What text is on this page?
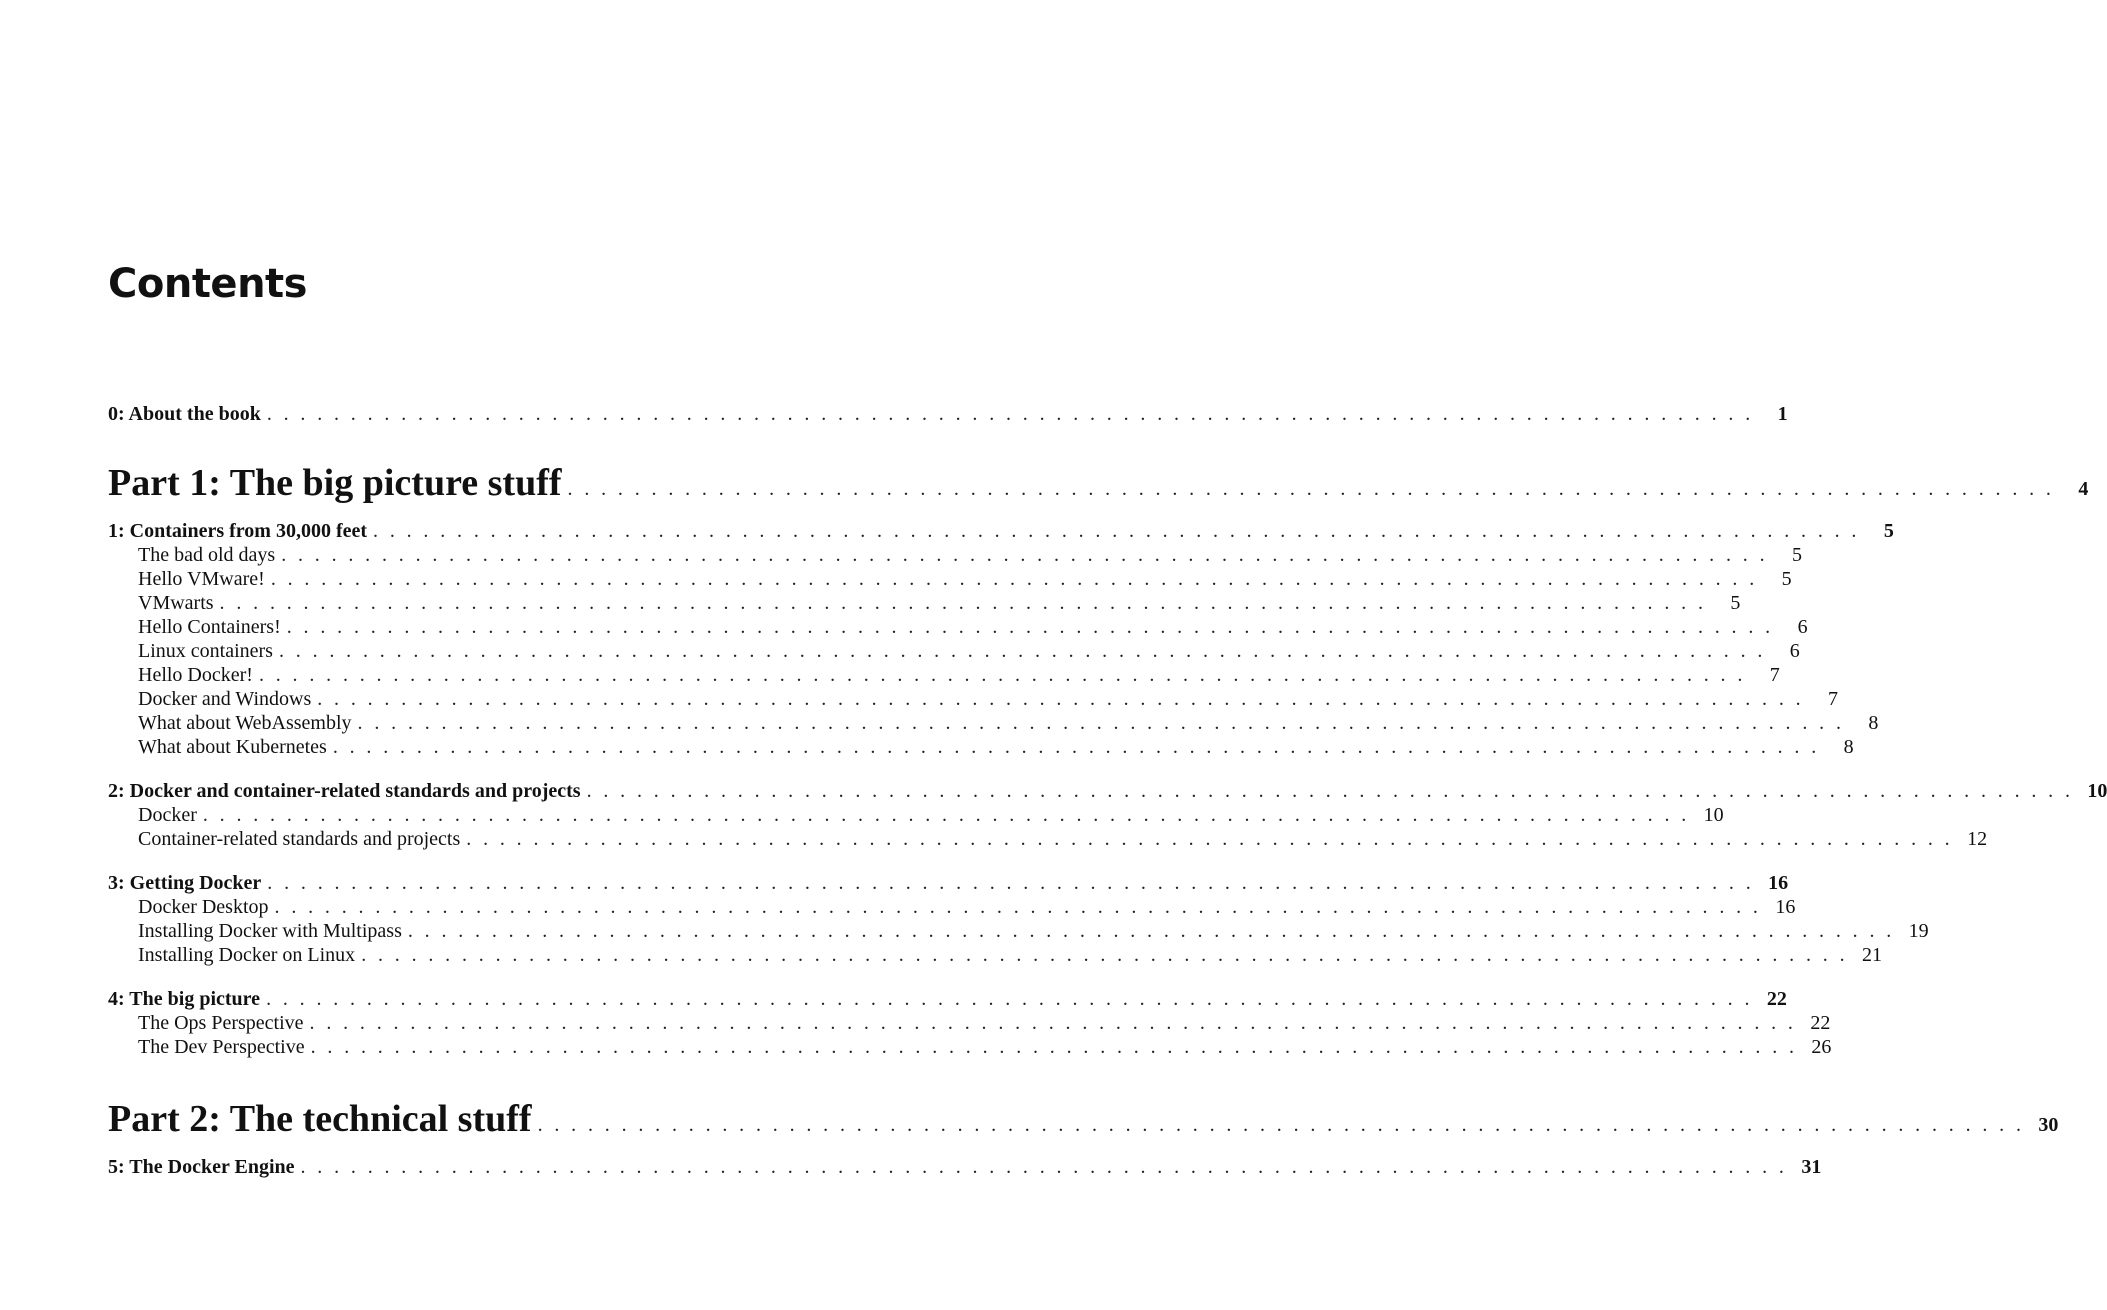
Contents
0: About the book . . . . . . . . . . . . . . . . . . . . . . . . . . . . . . . . . . . . . . . . . . . . . . . . . . . . . . . . . . . . . . . . . . . . . . . . . . . . . . . . . . . . . . . . .	1
Part 1: The big picture stuff . . . . . . . . . . . . . . . . . . . . . . . . . . . . . . . . . . . . . . . . . . . . . . . . . . . . . . . . . . . . . . . . . . . . . . . . . . . . . . . . . . . . . . . . .	4
1: Containers from 30,000 feet . . . . . . . . . . . . . . . . . . . . . . . . . . . . . . . . . . . . . . . . . . . . . . . . . . . . . . . . . . . . . . . . . . . . . . . . . . . . . . . . . . . . . . . . .	5
The bad old days . . . . . . . . . . . . . . . . . . . . . . . . . . . . . . . . . . . . . . . . . . . . . . . . . . . . . . . . . . . . . . . . . . . . . . . . . . . . . . . . . . . . . . . . .	5
Hello VMware! . . . . . . . . . . . . . . . . . . . . . . . . . . . . . . . . . . . . . . . . . . . . . . . . . . . . . . . . . . . . . . . . . . . . . . . . . . . . . . . . . . . . . . . . .	5
VMwarts . . . . . . . . . . . . . . . . . . . . . . . . . . . . . . . . . . . . . . . . . . . . . . . . . . . . . . . . . . . . . . . . . . . . . . . . . . . . . . . . . . . . . . . . .	5
Hello Containers! . . . . . . . . . . . . . . . . . . . . . . . . . . . . . . . . . . . . . . . . . . . . . . . . . . . . . . . . . . . . . . . . . . . . . . . . . . . . . . . . . . . . . . . . .	6
Linux containers . . . . . . . . . . . . . . . . . . . . . . . . . . . . . . . . . . . . . . . . . . . . . . . . . . . . . . . . . . . . . . . . . . . . . . . . . . . . . . . . . . . . . . . . .	6
Hello Docker! . . . . . . . . . . . . . . . . . . . . . . . . . . . . . . . . . . . . . . . . . . . . . . . . . . . . . . . . . . . . . . . . . . . . . . . . . . . . . . . . . . . . . . . . .	7
Docker and Windows . . . . . . . . . . . . . . . . . . . . . . . . . . . . . . . . . . . . . . . . . . . . . . . . . . . . . . . . . . . . . . . . . . . . . . . . . . . . . . . . . . . . . . . . .	7
What about WebAssembly . . . . . . . . . . . . . . . . . . . . . . . . . . . . . . . . . . . . . . . . . . . . . . . . . . . . . . . . . . . . . . . . . . . . . . . . . . . . . . . . . . . . . . . . .	8
What about Kubernetes . . . . . . . . . . . . . . . . . . . . . . . . . . . . . . . . . . . . . . . . . . . . . . . . . . . . . . . . . . . . . . . . . . . . . . . . . . . . . . . . . . . . . . . . .	8
2: Docker and container-related standards and projects . . . . . . . . . . . . . . . . . . . . . . . . . . . . . . . . . . . . . . . . . . . . . . . . . . . . . . . . . . . . . . . . . . . . . . . . . . . . . . . . . . . . . . . . . 10
Docker . . . . . . . . . . . . . . . . . . . . . . . . . . . . . . . . . . . . . . . . . . . . . . . . . . . . . . . . . . . . . . . . . . . . . . . . . . . . . . . . . . . . . . . . . 10
Container-related standards and projects . . . . . . . . . . . . . . . . . . . . . . . . . . . . . . . . . . . . . . . . . . . . . . . . . . . . . . . . . . . . . . . . . . . . . . . . . . . . . . . . . . . . . . . . . 12
3: Getting Docker . . . . . . . . . . . . . . . . . . . . . . . . . . . . . . . . . . . . . . . . . . . . . . . . . . . . . . . . . . . . . . . . . . . . . . . . . . . . . . . . . . . . . . . . . 16
Docker Desktop . . . . . . . . . . . . . . . . . . . . . . . . . . . . . . . . . . . . . . . . . . . . . . . . . . . . . . . . . . . . . . . . . . . . . . . . . . . . . . . . . . . . . . . . . 16
Installing Docker with Multipass . . . . . . . . . . . . . . . . . . . . . . . . . . . . . . . . . . . . . . . . . . . . . . . . . . . . . . . . . . . . . . . . . . . . . . . . . . . . . . . . . . . . . . . . . 19
Installing Docker on Linux . . . . . . . . . . . . . . . . . . . . . . . . . . . . . . . . . . . . . . . . . . . . . . . . . . . . . . . . . . . . . . . . . . . . . . . . . . . . . . . . . . . . . . . . . 21
4: The big picture . . . . . . . . . . . . . . . . . . . . . . . . . . . . . . . . . . . . . . . . . . . . . . . . . . . . . . . . . . . . . . . . . . . . . . . . . . . . . . . . . . . . . . . . . 22
The Ops Perspective . . . . . . . . . . . . . . . . . . . . . . . . . . . . . . . . . . . . . . . . . . . . . . . . . . . . . . . . . . . . . . . . . . . . . . . . . . . . . . . . . . . . . . . . . 22
The Dev Perspective . . . . . . . . . . . . . . . . . . . . . . . . . . . . . . . . . . . . . . . . . . . . . . . . . . . . . . . . . . . . . . . . . . . . . . . . . . . . . . . . . . . . . . . . . 26
Part 2: The technical stuff . . . . . . . . . . . . . . . . . . . . . . . . . . . . . . . . . . . . . . . . . . . . . . . . . . . . . . . . . . . . . . . . . . . . . . . . . . . . . . . . . . . . . . . . . 30
5: The Docker Engine . . . . . . . . . . . . . . . . . . . . . . . . . . . . . . . . . . . . . . . . . . . . . . . . . . . . . . . . . . . . . . . . . . . . . . . . . . . . . . . . . . . . . . . . . 31
